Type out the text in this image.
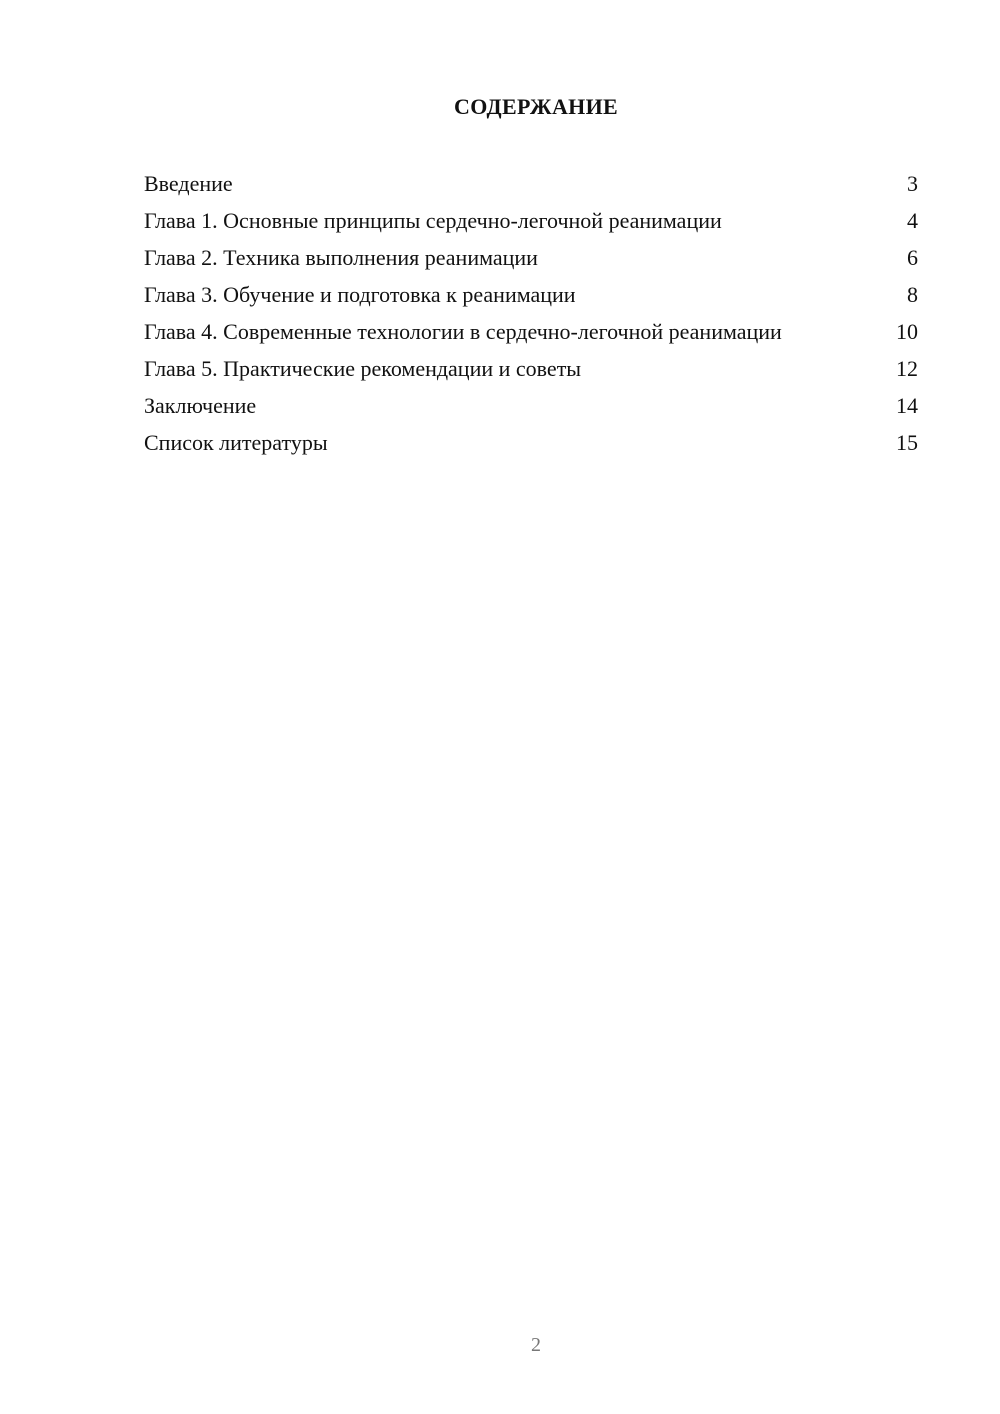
СОДЕРЖАНИЕ
Введение	3
Глава 1. Основные принципы сердечно-легочной реанимации	4
Глава 2. Техника выполнения реанимации	6
Глава 3. Обучение и подготовка к реанимации	8
Глава 4. Современные технологии в сердечно-легочной реанимации	10
Глава 5. Практические рекомендации и советы	12
Заключение	14
Список литературы	15
2
